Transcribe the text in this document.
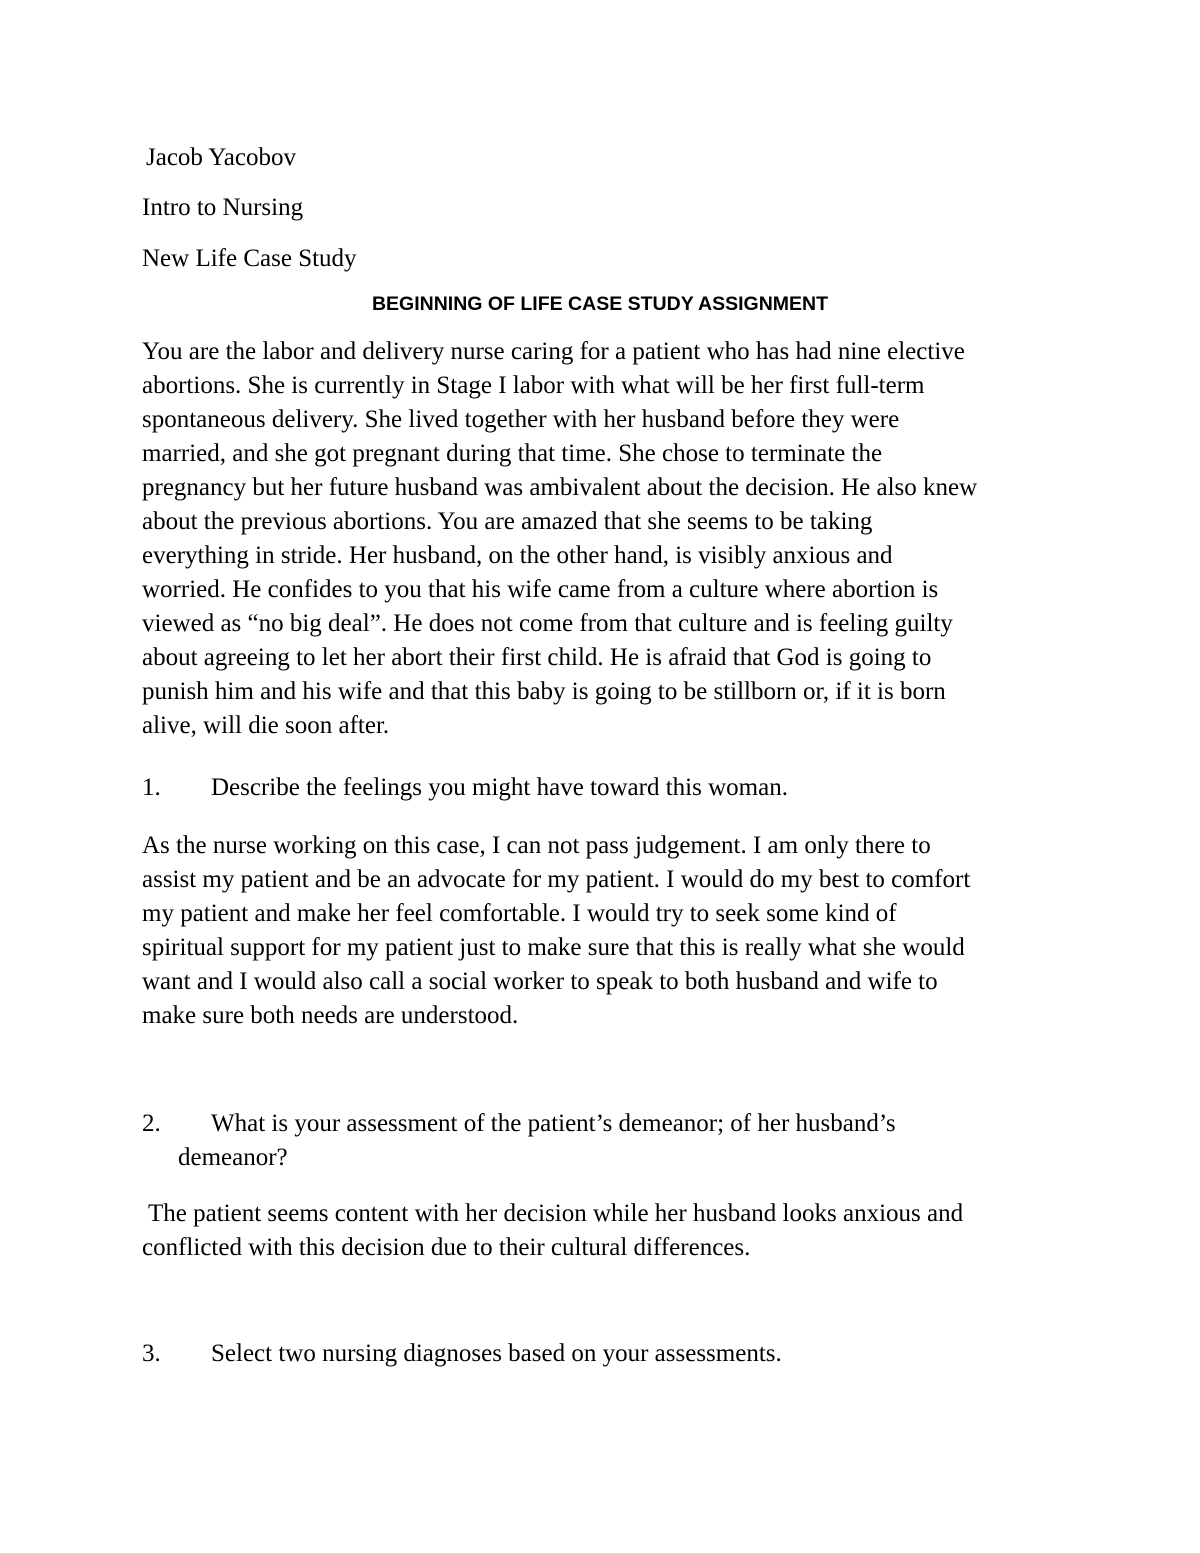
Jacob Yacobov

Intro to Nursing

New Life Case Study

BEGINNING OF LIFE CASE STUDY ASSIGNMENT

You are the labor and delivery nurse caring for a patient who has had nine elective
abortions. She is currently in Stage I labor with what will be her first full-term
spontaneous delivery. She lived together with her husband before they were
married, and she got pregnant during that time. She chose to terminate the
pregnancy but her future husband was ambivalent about the decision. He also knew
about the previous abortions. You are amazed that she seems to be taking
everything in stride. Her husband, on the other hand, is visibly anxious and
worried. He confides to you that his wife came from a culture where abortion is
viewed as “no big deal”. He does not come from that culture and is feeling guilty
about agreeing to let her abort their first child. He is afraid that God is going to
punish him and his wife and that this baby is going to be stillborn or, if it is born
alive, will die soon after.

1. Describe the feelings you might have toward this woman.

As the nurse working on this case, I can not pass judgement. I am only there to
assist my patient and be an advocate for my patient. I would do my best to comfort
my patient and make her feel comfortable. I would try to seek some kind of
spiritual support for my patient just to make sure that this is really what she would
want and I would also call a social worker to speak to both husband and wife to
make sure both needs are understood.

2. What is your assessment of the patient’s demeanor; of her husband’s
demeanor?

The patient seems content with her decision while her husband looks anxious and
conflicted with this decision due to their cultural differences.

3. Select two nursing diagnoses based on your assessments.
